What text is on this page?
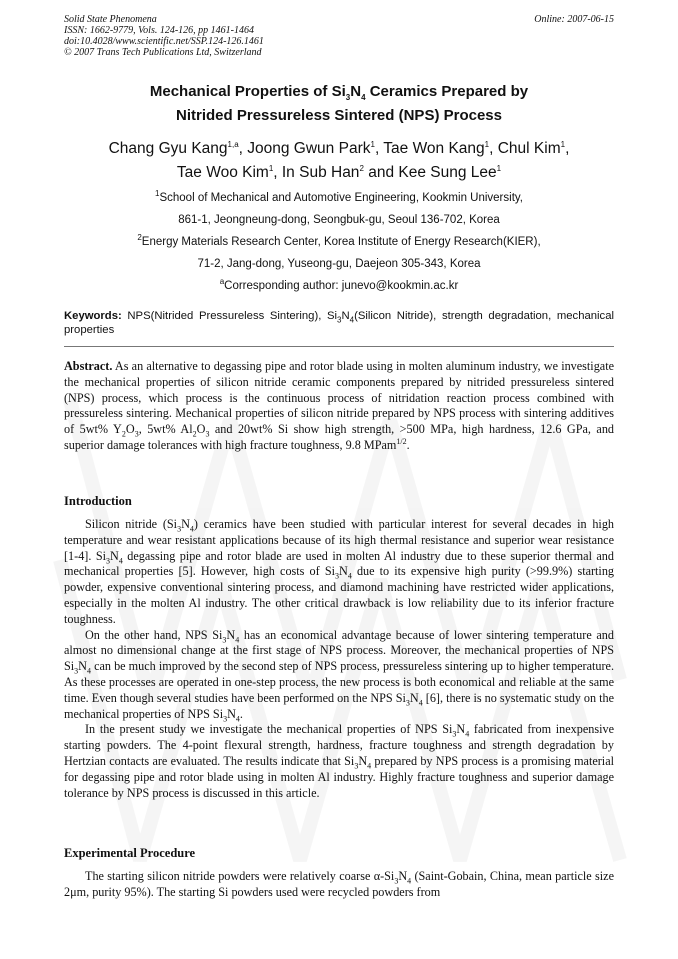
Solid State Phenomena
ISSN: 1662-9779, Vols. 124-126, pp 1461-1464
doi:10.4028/www.scientific.net/SSP.124-126.1461
© 2007 Trans Tech Publications Ltd, Switzerland
Online: 2007-06-15
Mechanical Properties of $Si_3N_4$ Ceramics Prepared by
Nitrided Pressureless Sintered (NPS) Process
Chang Gyu Kang$^{1,a}$, Joong Gwun Park$^1$, Tae Won Kang$^1$, Chul Kim$^1$,
Tae Woo Kim$^1$, In Sub Han$^2$ and Kee Sung Lee$^1$
$^1$School of Mechanical and Automotive Engineering, Kookmin University,
861-1, Jeongneung-dong, Seongbuk-gu, Seoul 136-702, Korea
$^2$Energy Materials Research Center, Korea Institute of Energy Research(KIER),
71-2, Jang-dong, Yuseong-gu, Daejeon 305-343, Korea
$^a$Corresponding author: junevo@kookmin.ac.kr
Keywords: NPS(Nitrided Pressureless Sintering), $Si_3N_4(Silicon$ Nitride), strength degradation, mechanical properties
Abstract. As an alternative to degassing pipe and rotor blade using in molten aluminum industry, we investigate the mechanical properties of silicon nitride ceramic components prepared by nitrided pressureless sintered (NPS) process, which process is the continuous process of nitridation reaction process combined with pressureless sintering. Mechanical properties of silicon nitride prepared by NPS process with sintering additives of 5wt% $Y_2O_3$, 5wt% $Al_2O_3$ and 20wt% Si show high strength, >500 MPa, high hardness, 12.6 GPa, and superior damage tolerances with high fracture toughness, 9.8 MPam$^{1/2}$.
Introduction

Silicon nitride $(Si_3N_4)$ ceramics have been studied with particular interest for several decades in high temperature and wear resistant applications because of its high thermal resistance and superior wear resistance [1-4]. $Si_3N_4$ degassing pipe and rotor blade are used in molten Al industry due to these superior thermal and mechanical properties [5]. However, high costs of $Si_3N_4$ due to its expensive high purity (>99.9%) starting powder, expensive conventional sintering process, and diamond machining have restricted wider applications, especially in the molten Al industry. The other critical drawback is low reliability due to its inferior fracture toughness.

On the other hand, NPS $Si_3N_4$ has an economical advantage because of lower sintering temperature and almost no dimensional change at the first stage of NPS process. Moreover, the mechanical properties of NPS $Si_3N_4$ can be much improved by the second step of NPS process, pressureless sintering up to higher temperature. As these processes are operated in one-step process, the new process is both economical and reliable at the same time. Even though several studies have been performed on the NPS $Si_3N_4$ [6], there is no systematic study on the mechanical properties of NPS $Si_3N_4$.

In the present study we investigate the mechanical properties of NPS $Si_3N_4$ fabricated from inexpensive starting powders. The 4-point flexural strength, hardness, fracture toughness and strength degradation by Hertzian contacts are evaluated. The results indicate that $Si_3N_4$ prepared by NPS process is a promising material for degassing pipe and rotor blade using in molten Al industry. Highly fracture toughness and superior damage tolerance by NPS process is discussed in this article.

Experimental Procedure

The starting silicon nitride powders were relatively coarse $\alpha-Si_3N_4$ (Saint-Gobain, China, mean particle size 2μm, purity 95%). The starting Si powders used were recycled powders from
